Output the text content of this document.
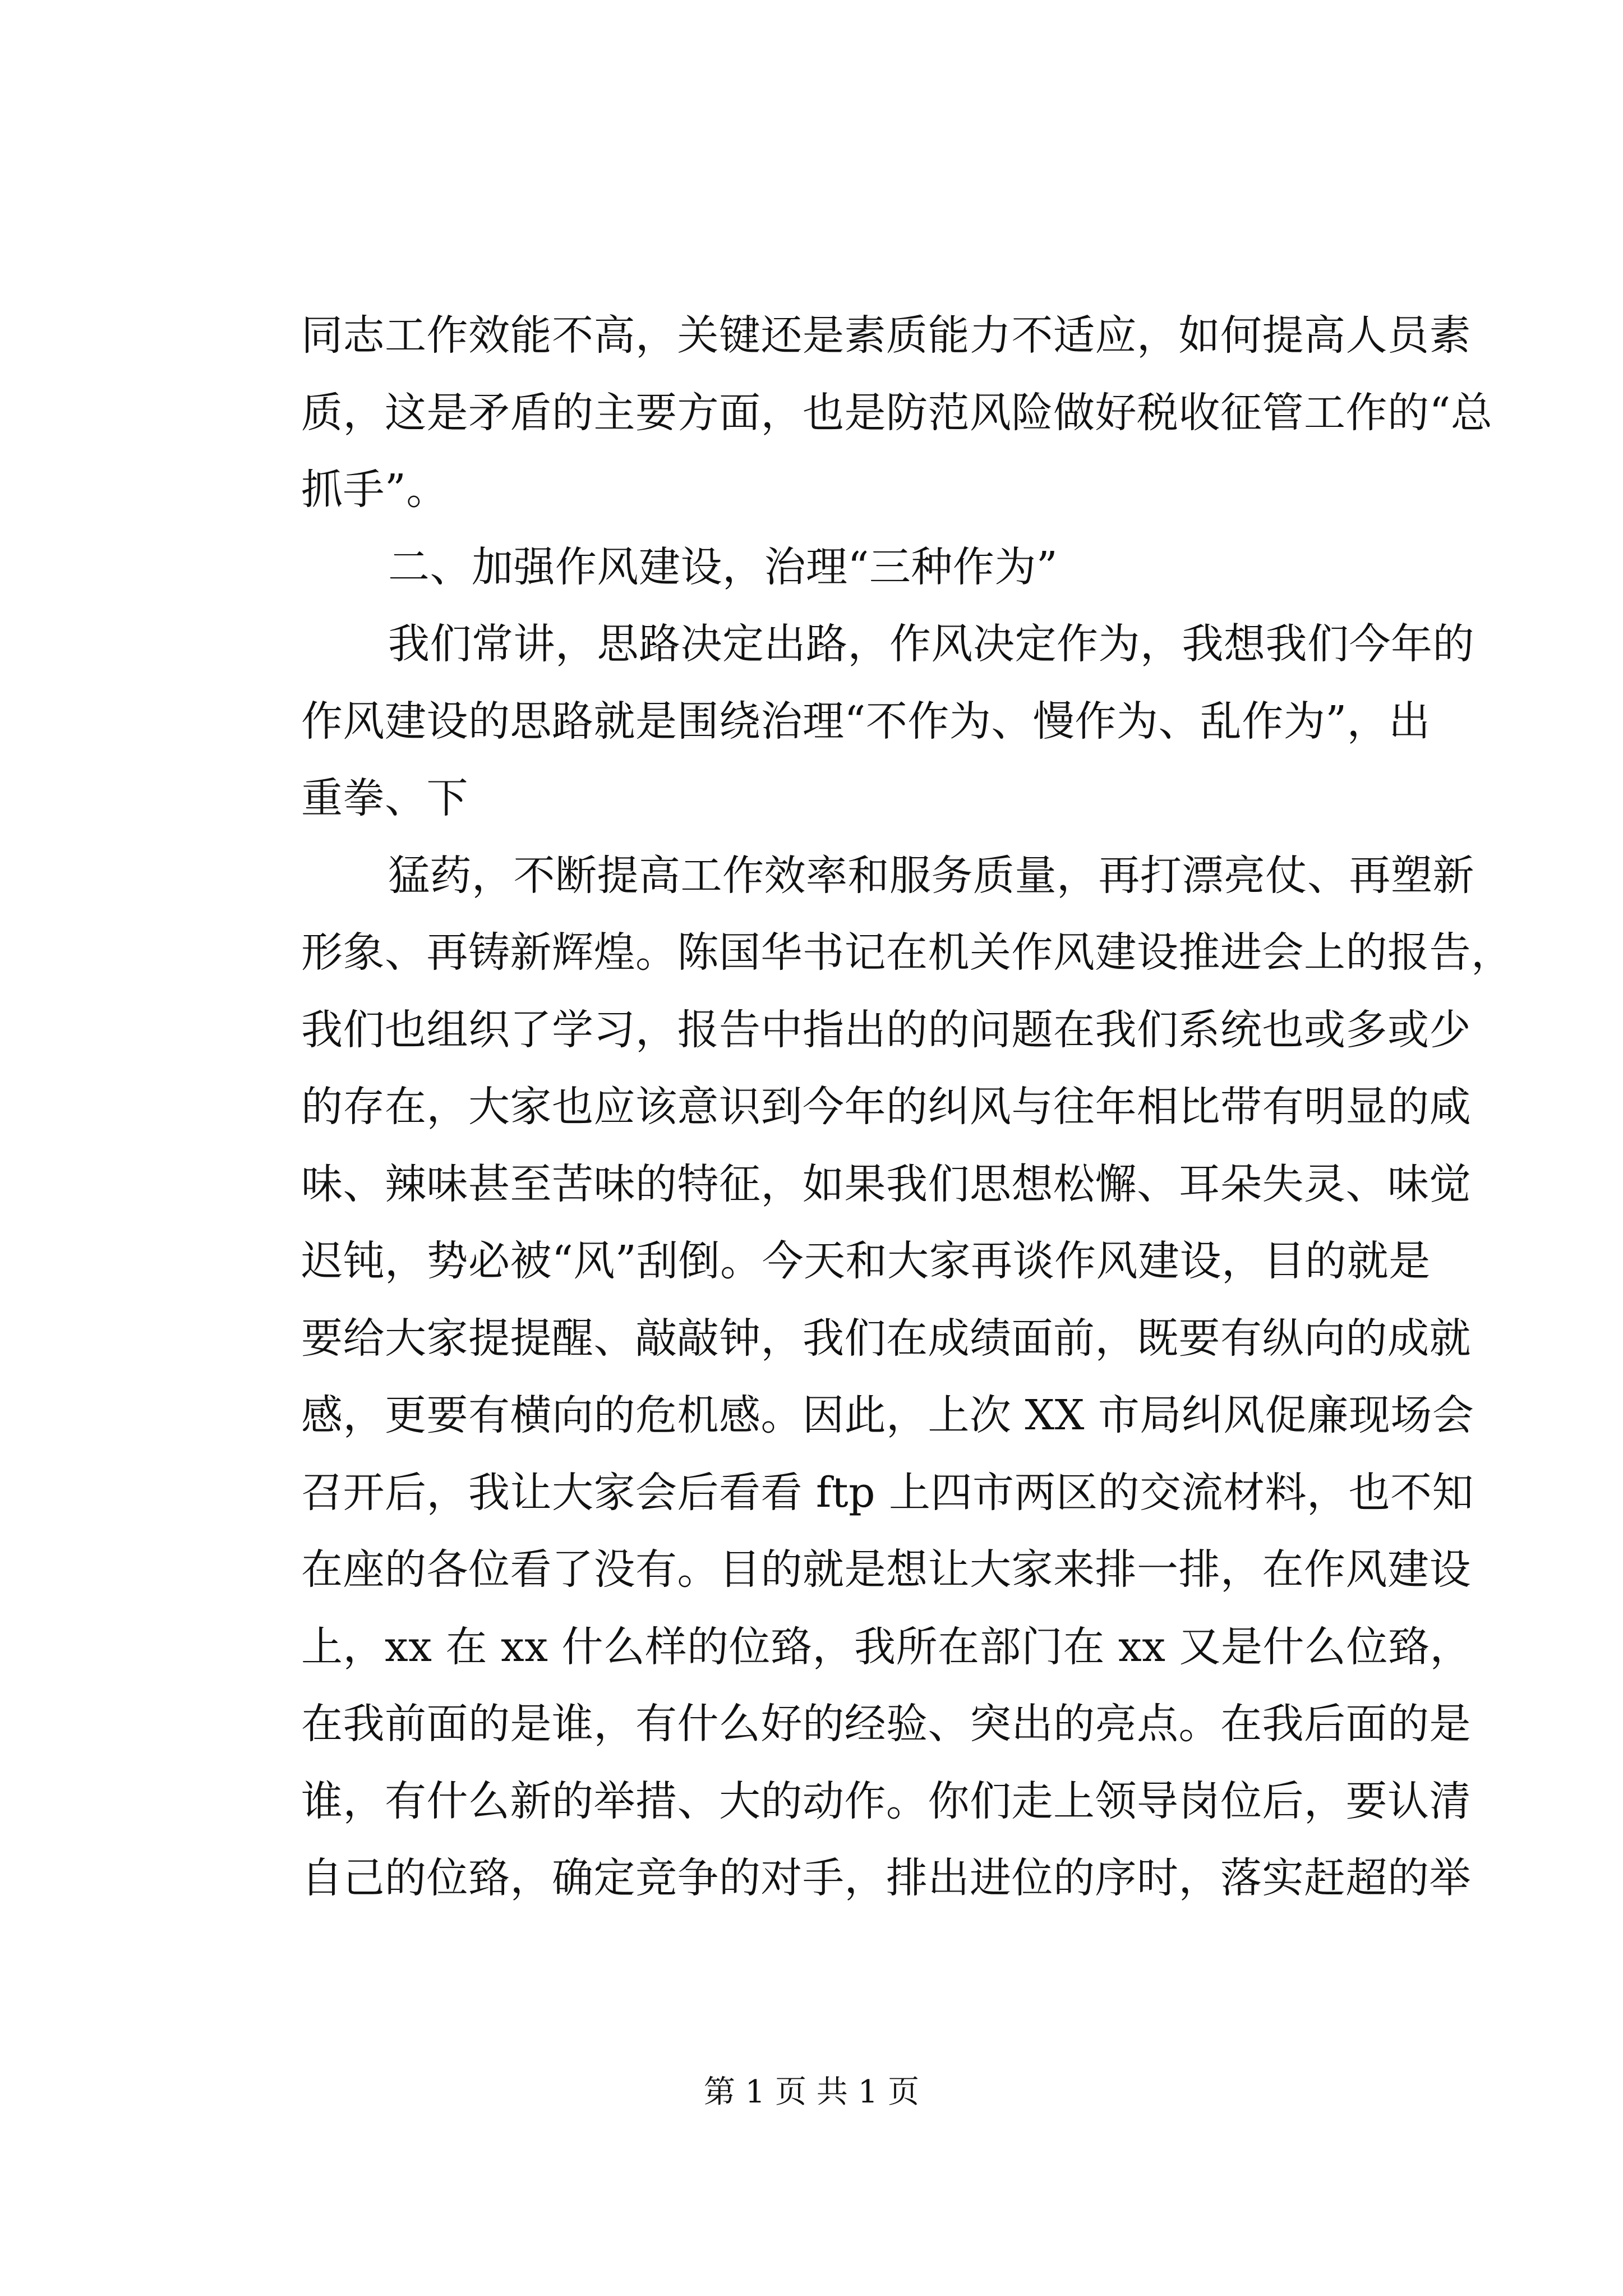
同志工作效能不高，关键还是素质能力不适应，如何提高人员素
质，这是矛盾的主要方面，也是防范风险做好税收征管工作的“总
抓手”。
二、加强作风建设，治理“三种作为”
我们常讲，思路决定出路，作风决定作为，我想我们今年的
作风建设的思路就是围绕治理“不作为、慢作为、乱作为”，出
重拳、下
猛药，不断提高工作效率和服务质量，再打漂亮仗、再塑新
形象、再铸新辉煌。陈国华书记在机关作风建设推进会上的报告，
我们也组织了学习，报告中指出的的问题在我们系统也或多或少
的存在，大家也应该意识到今年的纠风与往年相比带有明显的咸
味、辣味甚至苦味的特征，如果我们思想松懈、耳朵失灵、味觉
迟钝，势必被“风”刮倒。今天和大家再谈作风建设，目的就是
要给大家提提醒、敲敲钟，我们在成绩面前，既要有纵向的成就
感，更要有横向的危机感。因此，上次 XX 市局纠风促廉现场会
召开后，我让大家会后看看 ftp 上四市两区的交流材料，也不知
在座的各位看了没有。目的就是想让大家来排一排，在作风建设
上，xx 在 xx 什么样的位臵，我所在部门在 xx 又是什么位臵，
在我前面的是谁，有什么好的经验、突出的亮点。在我后面的是
谁，有什么新的举措、大的动作。你们走上领导岗位后，要认清
自己的位臵，确定竞争的对手，排出进位的序时，落实赶超的举
第 1 页 共 1 页
